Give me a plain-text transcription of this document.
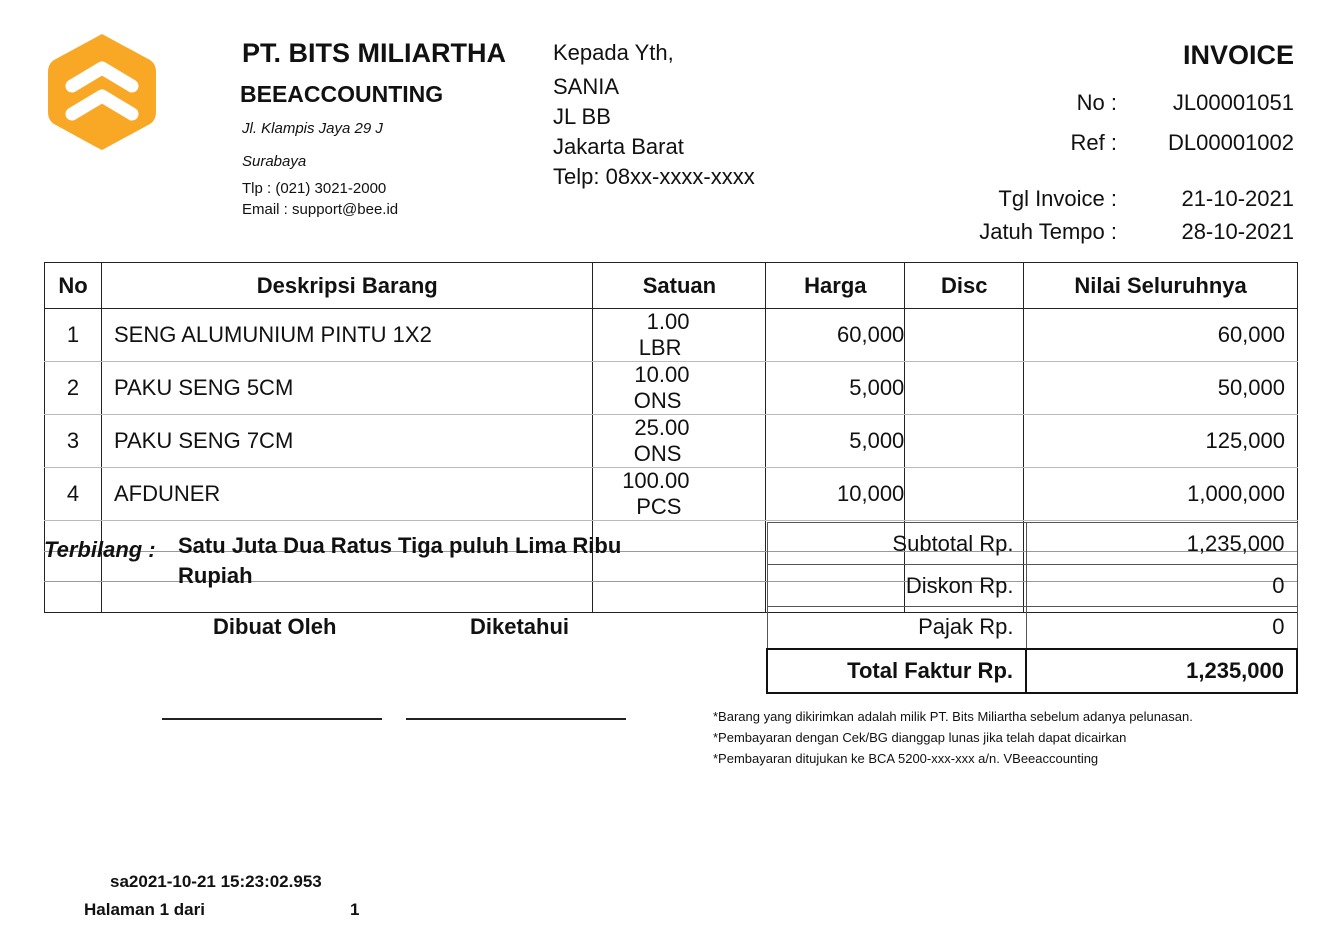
PT. BITS MILIARTHA
BEEACCOUNTING
Jl. Klampis Jaya 29 J
Surabaya
Tlp : (021) 3021-2000
Email : support@bee.id
Kepada Yth,
SANIA
JL BB
Jakarta Barat
Telp: 08xx-xxxx-xxxx
INVOICE
No :	JL00001051
Ref : DL00001002
Tgl Invoice :	21-10-2021
Jatuh Tempo :	28-10-2021
No	Deskripsi Barang	Satuan	Harga	Disc	Nilai Seluruhnya
1	SENG ALUMUNIUM PINTU 1X2	1.00LBR	60,000		60,000
2	PAKU SENG 5CM	10.00ONS	5,000		50,000
3	PAKU SENG 7CM	25.00ONS	5,000		125,000
4	AFDUNER	100.00PCS	10,000		1,000,000

Terbilang : Satu Juta Dua Ratus Tiga puluh Lima Ribu Rupiah
Dibuat Oleh	Diketahui
Subtotal Rp.	1,235,000
Diskon Rp.	0
Pajak Rp.	0
Total Faktur Rp.	1,235,000
*Barang yang dikirimkan adalah milik PT. Bits Miliartha sebelum adanya pelunasan.
*Pembayaran dengan Cek/BG dianggap lunas jika telah dapat dicairkan
*Pembayaran ditujukan ke BCA 5200-xxx-xxx a/n. VBeeaccounting
sa2021-10-21 15:23:02.953
Halaman 1 dari	1
